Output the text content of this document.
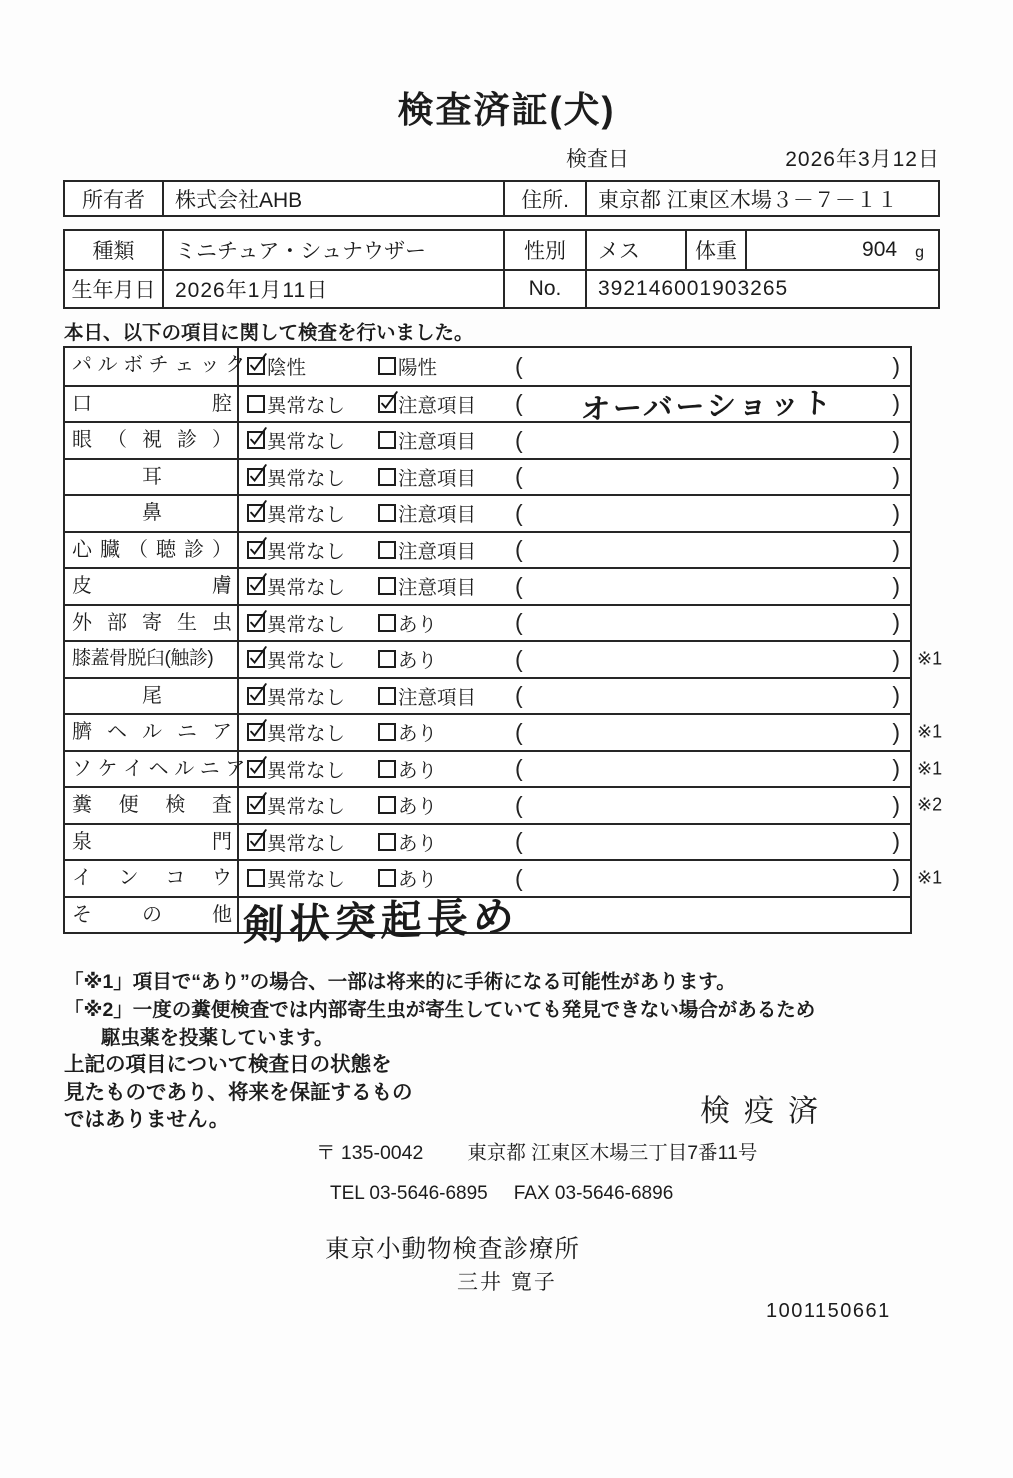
検査済証(犬)
検査日	2026年3月12日
所有者	株式会社AHB	住所.	東京都 江東区木場３－７－１１
種類	ミニチュア・シュナウザー	性別	メス	体重	904 g
生年月日 2026年1月11日	No.	392146001903265
本日、以下の項目に関して検査を行いました。
パ ル ボ チ ェ ッ ク 陰性	陽性	(	)
口 腔	異常なし	注意項目 ( オーバーショット	)
眼 （ 視 診 ）	異常なし	注意項目 (	)
耳	異常なし	注意項目 (	)
鼻	異常なし	注意項目 (	)
心 臓 （ 聴 診 ）	異常なし	注意項目 (	)
皮 膚	異常なし	注意項目 (	)
外 部 寄 生 虫	異常なし	あり	(	)
膝蓋骨脱臼(触診)	異常なし	あり	(	) ※1
尾	異常なし	注意項目 (	)
臍 ヘ ル ニ ア	異常なし	あり	(	) ※1
ソ ケ イ ヘ ル ニ ア 異常なし	あり	(	) ※1
糞 便 検 査	異常なし	あり	(	) ※2
泉 門	異常なし	あり	(	)
イ ン コ ウ	異常なし	あり	(	) ※1
そ の 他 剣状突起長め
「※1」項目で“あり”の場合、一部は将来的に手術になる可能性があります。
「※2」一度の糞便検査では内部寄生虫が寄生していても発見できない場合があるため
駆虫薬を投薬しています。
上記の項目について検査日の状態を
見たものであり、将来を保証するもの
ではありません。	検疫済
〒 135-0042 東京都 江東区木場三丁目7番11号
TEL 03-5646-6895 FAX 03-5646-6896
東京小動物検査診療所
三井 寛子
1001150661
